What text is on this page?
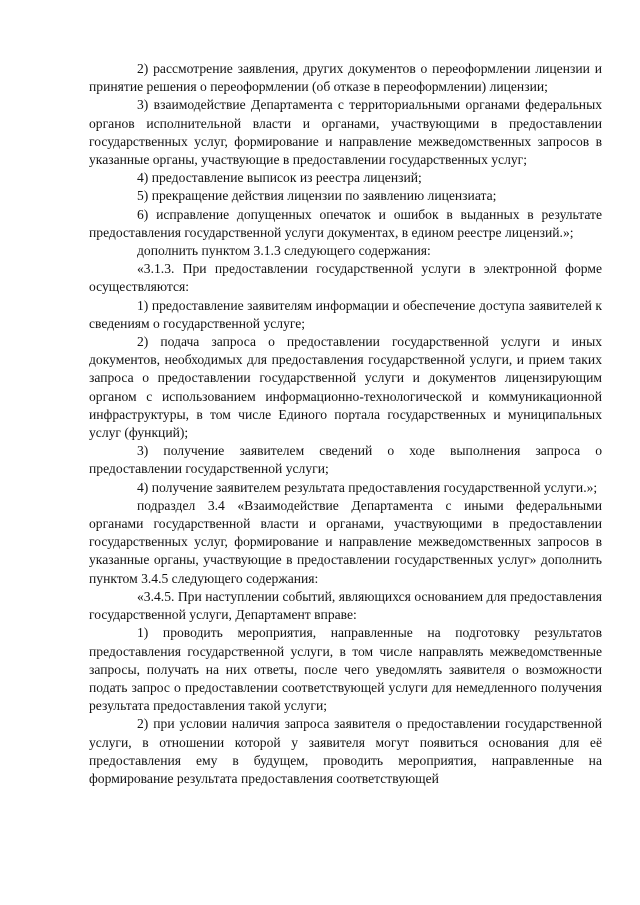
2) рассмотрение заявления, других документов о переоформлении лицензии и принятие решения о переоформлении (об отказе в переоформлении) лицензии;

3) взаимодействие Департамента с территориальными органами федеральных органов исполнительной власти и органами, участвующими в предоставлении государственных услуг, формирование и направление межведомственных запросов в указанные органы, участвующие в предоставлении государственных услуг;

4) предоставление выписок из реестра лицензий;

5) прекращение действия лицензии по заявлению лицензиата;

6) исправление допущенных опечаток и ошибок в выданных в результате предоставления государственной услуги документах, в едином реестре лицензий.»;

дополнить пунктом 3.1.3 следующего содержания:

«3.1.3. При предоставлении государственной услуги в электронной форме осуществляются:

1) предоставление заявителям информации и обеспечение доступа заявителей к сведениям о государственной услуге;

2) подача запроса о предоставлении государственной услуги и иных документов, необходимых для предоставления государственной услуги, и прием таких запроса о предоставлении государственной услуги и документов лицензирующим органом с использованием информационно-технологической и коммуникационной инфраструктуры, в том числе Единого портала государственных и муниципальных услуг (функций);

3) получение заявителем сведений о ходе выполнения запроса о предоставлении государственной услуги;

4) получение заявителем результата предоставления государственной услуги.»;

подраздел 3.4 «Взаимодействие Департамента с иными федеральными органами государственной власти и органами, участвующими в предоставлении государственных услуг, формирование и направление межведомственных запросов в указанные органы, участвующие в предоставлении государственных услуг» дополнить пунктом 3.4.5 следующего содержания:

«3.4.5. При наступлении событий, являющихся основанием для предоставления государственной услуги, Департамент вправе:

1) проводить мероприятия, направленные на подготовку результатов предоставления государственной услуги, в том числе направлять межведомственные запросы, получать на них ответы, после чего уведомлять заявителя о возможности подать запрос о предоставлении соответствующей услуги для немедленного получения результата предоставления такой услуги;

2) при условии наличия запроса заявителя о предоставлении государственной услуги, в отношении которой у заявителя могут появиться основания для её предоставления ему в будущем, проводить мероприятия, направленные на формирование результата предоставления соответствующей
